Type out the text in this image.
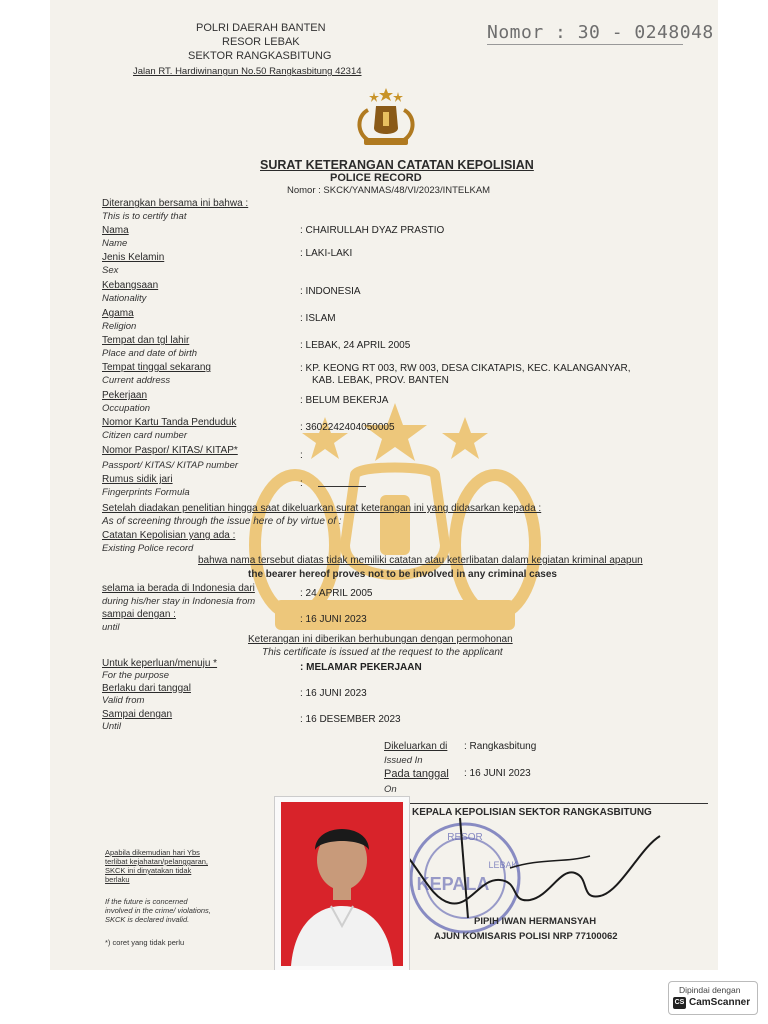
POLRI DAERAH BANTEN
RESOR LEBAK
SEKTOR RANGKASBITUNG
Jalan RT. Hardiwinangun No.50 Rangkasbitung 42314
Nomor : 30 - 0248048
SURAT KETERANGAN CATATAN KEPOLISIAN
POLICE RECORD
Nomor : SKCK/YANMAS/48/VI/2023/INTELKAM
Diterangkan bersama ini bahwa :
This is to certify that
Nama
Name
: CHAIRULLAH DYAZ PRASTIO
Jenis Kelamin
Sex
: LAKI-LAKI
Kebangsaan
Nationality
: INDONESIA
Agama
Religion
: ISLAM
Tempat dan tgl lahir
Place and date of birth
: LEBAK, 24 APRIL 2005
Tempat tinggal sekarang
Current address
: KP. KEONG RT 003, RW 003, DESA CIKATAPIS, KEC. KALANGANYAR,
KAB. LEBAK, PROV. BANTEN
Pekerjaan
Occupation
: BELUM BEKERJA
Nomor Kartu Tanda Penduduk
Citizen card number
: 3602242404050005
Nomor Paspor/ KITAS/ KITAP*
Passport/ KITAS/ KITAP number
:
Rumus sidik jari
Fingerprints Formula
:
Setelah diadakan penelitian hingga saat dikeluarkan surat keterangan ini yang didasarkan kepada :
As of screening through the issue here of by virtue of :
Catatan Kepolisian yang ada :
Existing Police record
bahwa nama tersebut diatas tidak memiliki catatan atau keterlibatan dalam kegiatan kriminal apapun
the bearer hereof proves not to be involved in any criminal cases
selama ia berada di Indonesia dari
during his/her stay in Indonesia from
: 24 APRIL 2005
sampai dengan :
until
: 16 JUNI 2023
Keterangan ini diberikan berhubungan dengan permohonan
This certificate is issued at the request to the applicant
Untuk keperluan/menuju *
For the purpose
: MELAMAR PEKERJAAN
Berlaku dari tanggal
Valid from
: 16 JUNI 2023
Sampai dengan
Until
: 16 DESEMBER 2023
Dikeluarkan di
Issued In
: Rangkasbitung
Pada tanggal
On
: 16 JUNI 2023
KEPALA KEPOLISIAN SEKTOR RANGKASBITUNG
RESOR
LEBAK
KEPALA
PIPIH IWAN HERMANSYAH
AJUN KOMISARIS POLISI NRP 77100062
Apabila dikemudian hari Ybs terlibat kejahatan/pelanggaran, SKCK ini dinyatakan tidak berlaku
If the future is concerned involved in the crime/ violations, SKCK is declared invalid.
*) coret yang tidak perlu
Dipindai dengan
CS CamScanner
